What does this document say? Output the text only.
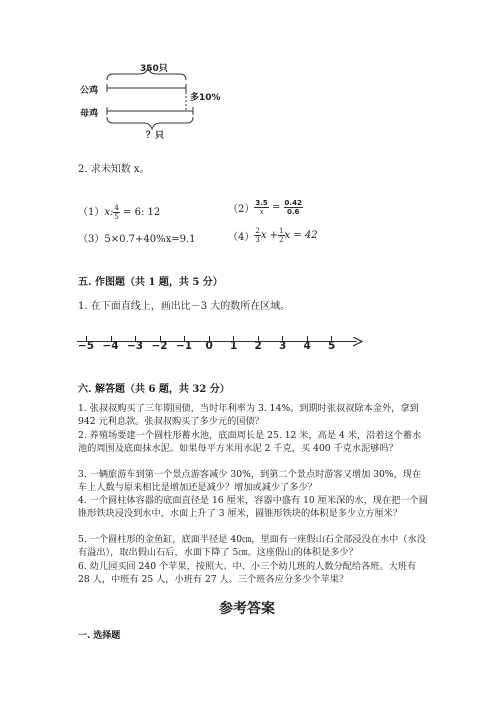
350只
公鸡
母鸡
多10%
？只
2. 求未知数 x。
（1）x: $\frac{4}{5} = 6$: 12	$(2) \frac{3.5}{x} = \frac{0.42}{0.6}$
（3）5×0.7+40%x=9.1	$(4) \frac{2}{3}$ $x + \frac{1}{2}$ x = 42
五. 作图题（共 1 题，共 5 分）
1. 在下面直线上，画出比－3 大的数所在区域。
−5 −4 −3 −2 −1 0 1 2 3 4 5
六. 解答题（共 6 题，共 32 分）
1. 张叔叔购买了三年期国债，当时年利率为 3. 14%。到期时张叔叔除本金外，拿到 942 元利息款。张叔叔购买了多少元的国债？
2. 养殖场要建一个圆柱形蓄水池，底面周长是 25. 12 米，高是 4 米，沿着这个蓄水池的周围及底面抹水泥。如果每平方米用水泥 2 千克，买 400 千克水泥够吗？
3. 一辆旅游车到第一个景点游客减少 30%，到第二个景点时游客又增加 30%，现在车上人数与原来相比是增加还是减少？增加或减少了多少？
4. 一个圆柱体容器的底面直径是 16 厘米，容器中盛有 10 厘米深的水，现在把一个圆锥形铁块浸没到水中，水面上升了 3 厘米，圆锥形铁块的体积是多少立方厘米？
5. 一个圆柱形的金鱼缸，底面半径是 40㎝，里面有一座假山石全部浸没在水中（水没有溢出），取出假山石后，水面下降了 5㎝。这座假山的体积是多少？
6. 幼儿园买回 240 个苹果，按照大、中、小三个幼儿班的人数分配给各班。大班有 28 人，中班有 25 人，小班有 27 人。三个班各应分多少个苹果？
参考答案
一. 选择题
